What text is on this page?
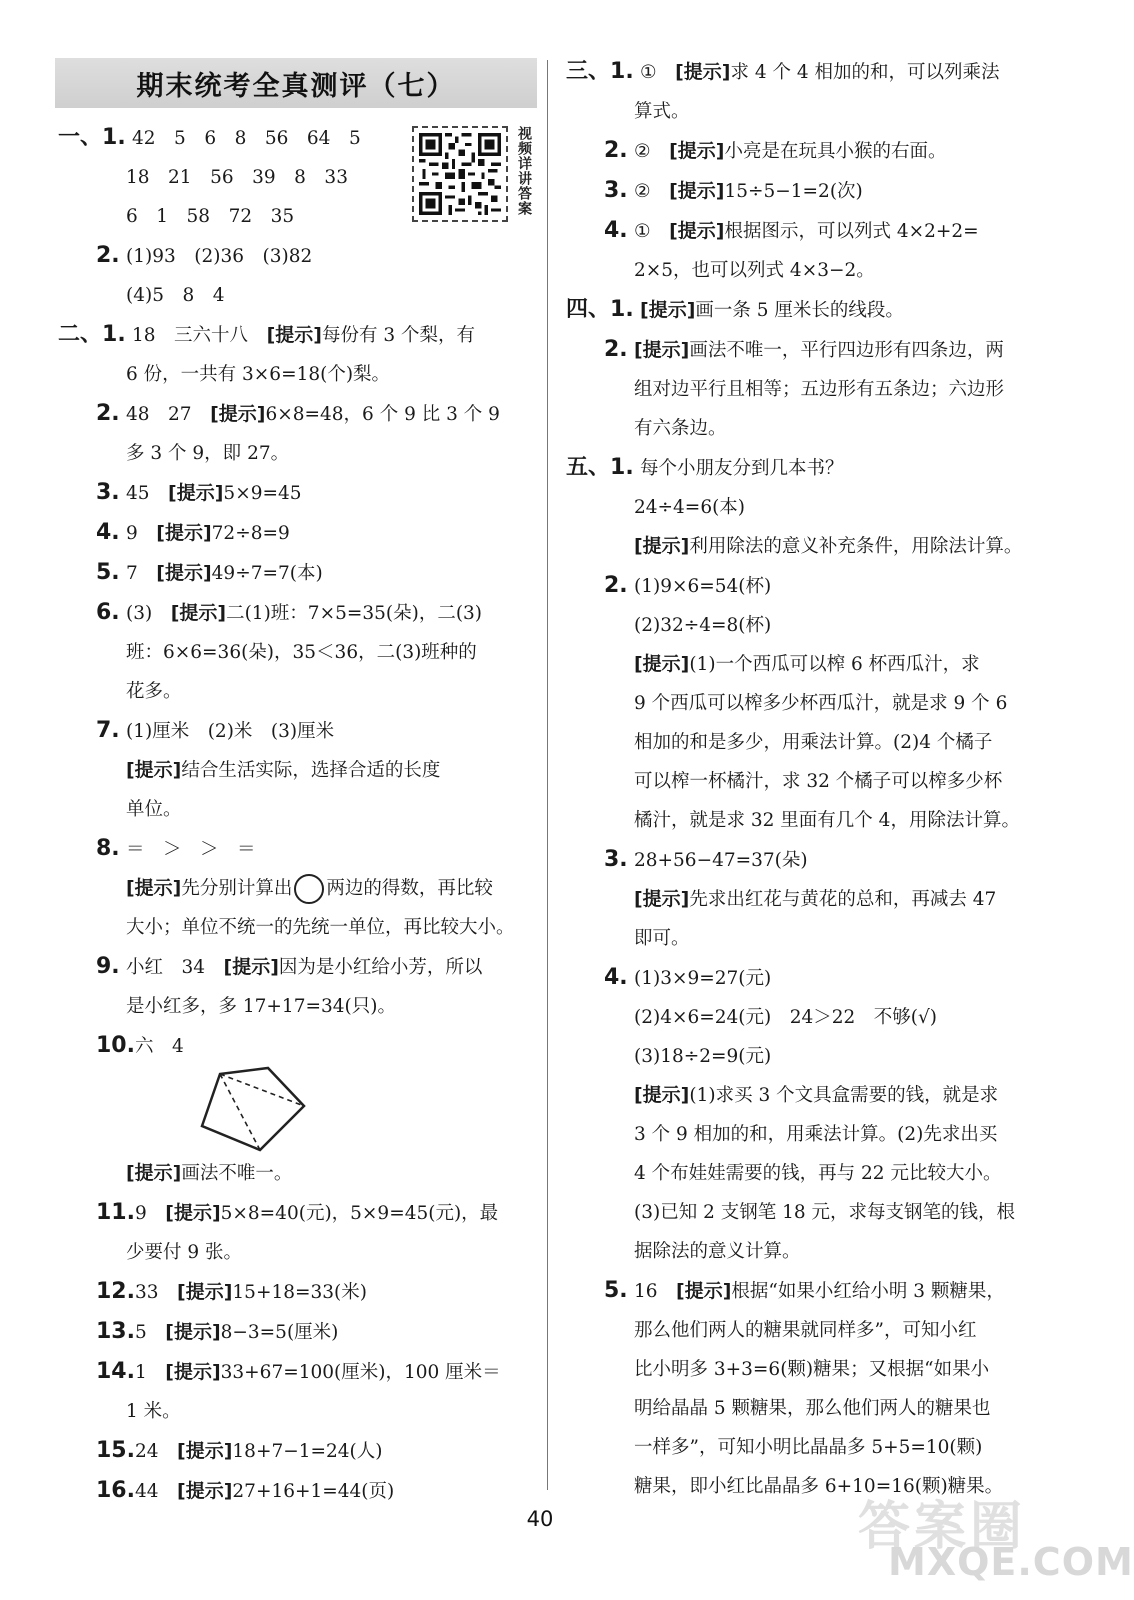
期末统考全真测评（七）
视频详讲答案
一、1. 42　5　6　8　56　64　5
18　21　56　39　8　33
6　1　58　72　35
2. (1)93　(2)36　(3)82
(4)5　8　4
二、1. 18　三六十八　[提示]每份有 3 个梨，有
6 份，一共有 3×6=18(个)梨。
2. 48　27　[提示]6×8=48，6 个 9 比 3 个 9
多 3 个 9，即 27。
3. 45　[提示]5×9=45
4. 9　[提示]72÷8=9
5. 7　[提示]49÷7=7(本)
6. (3)　[提示]二(1)班：7×5=35(朵)，二(3)
班：6×6=36(朵)，35＜36，二(3)班种的
花多。
7. (1)厘米　(2)米　(3)厘米
[提示]结合生活实际，选择合适的长度
单位。
8. ＝　＞　＞　＝
[提示]先分别计算出 两边的得数，再比较
大小；单位不统一的先统一单位，再比较大小。
9. 小红　34　[提示]因为是小红给小芳，所以
是小红多，多 17+17=34(只)。
10.六　4
[提示]画法不唯一。
11.9　[提示]5×8=40(元)，5×9=45(元)，最
少要付 9 张。
12.33　[提示]15+18=33(米)
13.5　[提示]8−3=5(厘米)
14.1　[提示]33+67=100(厘米)，100 厘米＝
1 米。
15.24　[提示]18+7−1=24(人)
16.44　[提示]27+16+1=44(页)
三、1. ①　[提示]求 4 个 4 相加的和，可以列乘法
算式。
2. ②　[提示]小亮是在玩具小猴的右面。
3. ②　[提示]15÷5−1=2(次)
4. ①　[提示]根据图示，可以列式 4×2+2=
2×5，也可以列式 4×3−2。
四、1. [提示]画一条 5 厘米长的线段。
2. [提示]画法不唯一，平行四边形有四条边，两
组对边平行且相等；五边形有五条边；六边形
有六条边。
五、1. 每个小朋友分到几本书？
24÷4=6(本)
[提示]利用除法的意义补充条件，用除法计算。
2. (1)9×6=54(杯)
(2)32÷4=8(杯)
[提示](1)一个西瓜可以榨 6 杯西瓜汁，求
9 个西瓜可以榨多少杯西瓜汁，就是求 9 个 6
相加的和是多少，用乘法计算。(2)4 个橘子
可以榨一杯橘汁，求 32 个橘子可以榨多少杯
橘汁，就是求 32 里面有几个 4，用除法计算。
3. 28+56−47=37(朵)
[提示]先求出红花与黄花的总和，再减去 47
即可。
4. (1)3×9=27(元)
(2)4×6=24(元)　24＞22　不够(√)
(3)18÷2=9(元)
[提示](1)求买 3 个文具盒需要的钱，就是求
3 个 9 相加的和，用乘法计算。(2)先求出买
4 个布娃娃需要的钱，再与 22 元比较大小。
(3)已知 2 支钢笔 18 元，求每支钢笔的钱，根
据除法的意义计算。
5. 16　[提示]根据“如果小红给小明 3 颗糖果，
那么他们两人的糖果就同样多”，可知小红
比小明多 3+3=6(颗)糖果；又根据“如果小
明给晶晶 5 颗糖果，那么他们两人的糖果也
一样多”，可知小明比晶晶多 5+5=10(颗)
糖果，即小红比晶晶多 6+10=16(颗)糖果。
40	答案圈
MXQE.COM
